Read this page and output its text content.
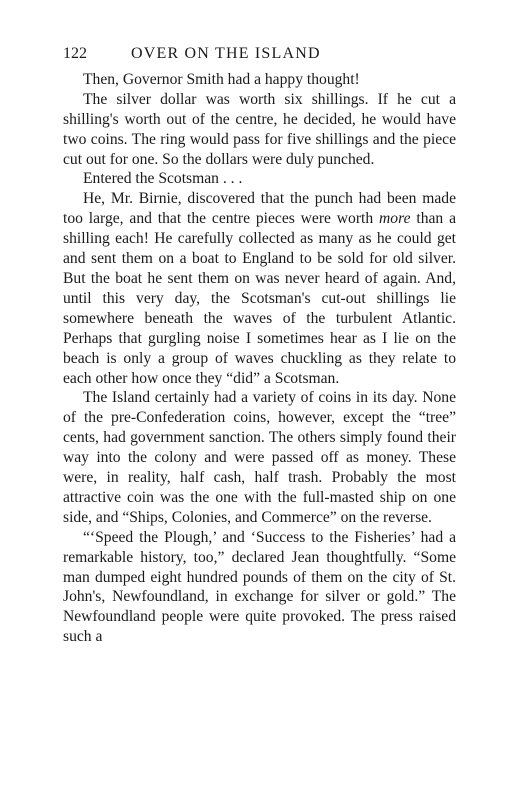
122	OVER ON THE ISLAND

Then, Governor Smith had a happy thought!

The silver dollar was worth six shillings. If he cut a shilling's worth out of the centre, he decided, he would have two coins. The ring would pass for five shillings and the piece cut out for one. So the dollars were duly punched.

Entered the Scotsman . . .

He, Mr. Birnie, discovered that the punch had been made too large, and that the centre pieces were worth more than a shilling each! He carefully collected as many as he could get and sent them on a boat to England to be sold for old silver. But the boat he sent them on was never heard of again. And, until this very day, the Scotsman's cut-out shillings lie somewhere beneath the waves of the turbulent Atlantic. Perhaps that gurgling noise I sometimes hear as I lie on the beach is only a group of waves chuckling as they relate to each other how once they “did” a Scotsman.

The Island certainly had a variety of coins in its day. None of the pre-Confederation coins, however, except the “tree” cents, had government sanction. The others simply found their way into the colony and were passed off as money. These were, in reality, half cash, half trash. Probably the most attractive coin was the one with the full-masted ship on one side, and “Ships, Colonies, and Commerce” on the reverse.

“‘Speed the Plough,’ and ‘Success to the Fisheries’ had a remarkable history, too,” declared Jean thoughtfully. “Some man dumped eight hundred pounds of them on the city of St. John's, Newfoundland, in exchange for silver or gold.” The Newfoundland people were quite provoked. The press raised such a
